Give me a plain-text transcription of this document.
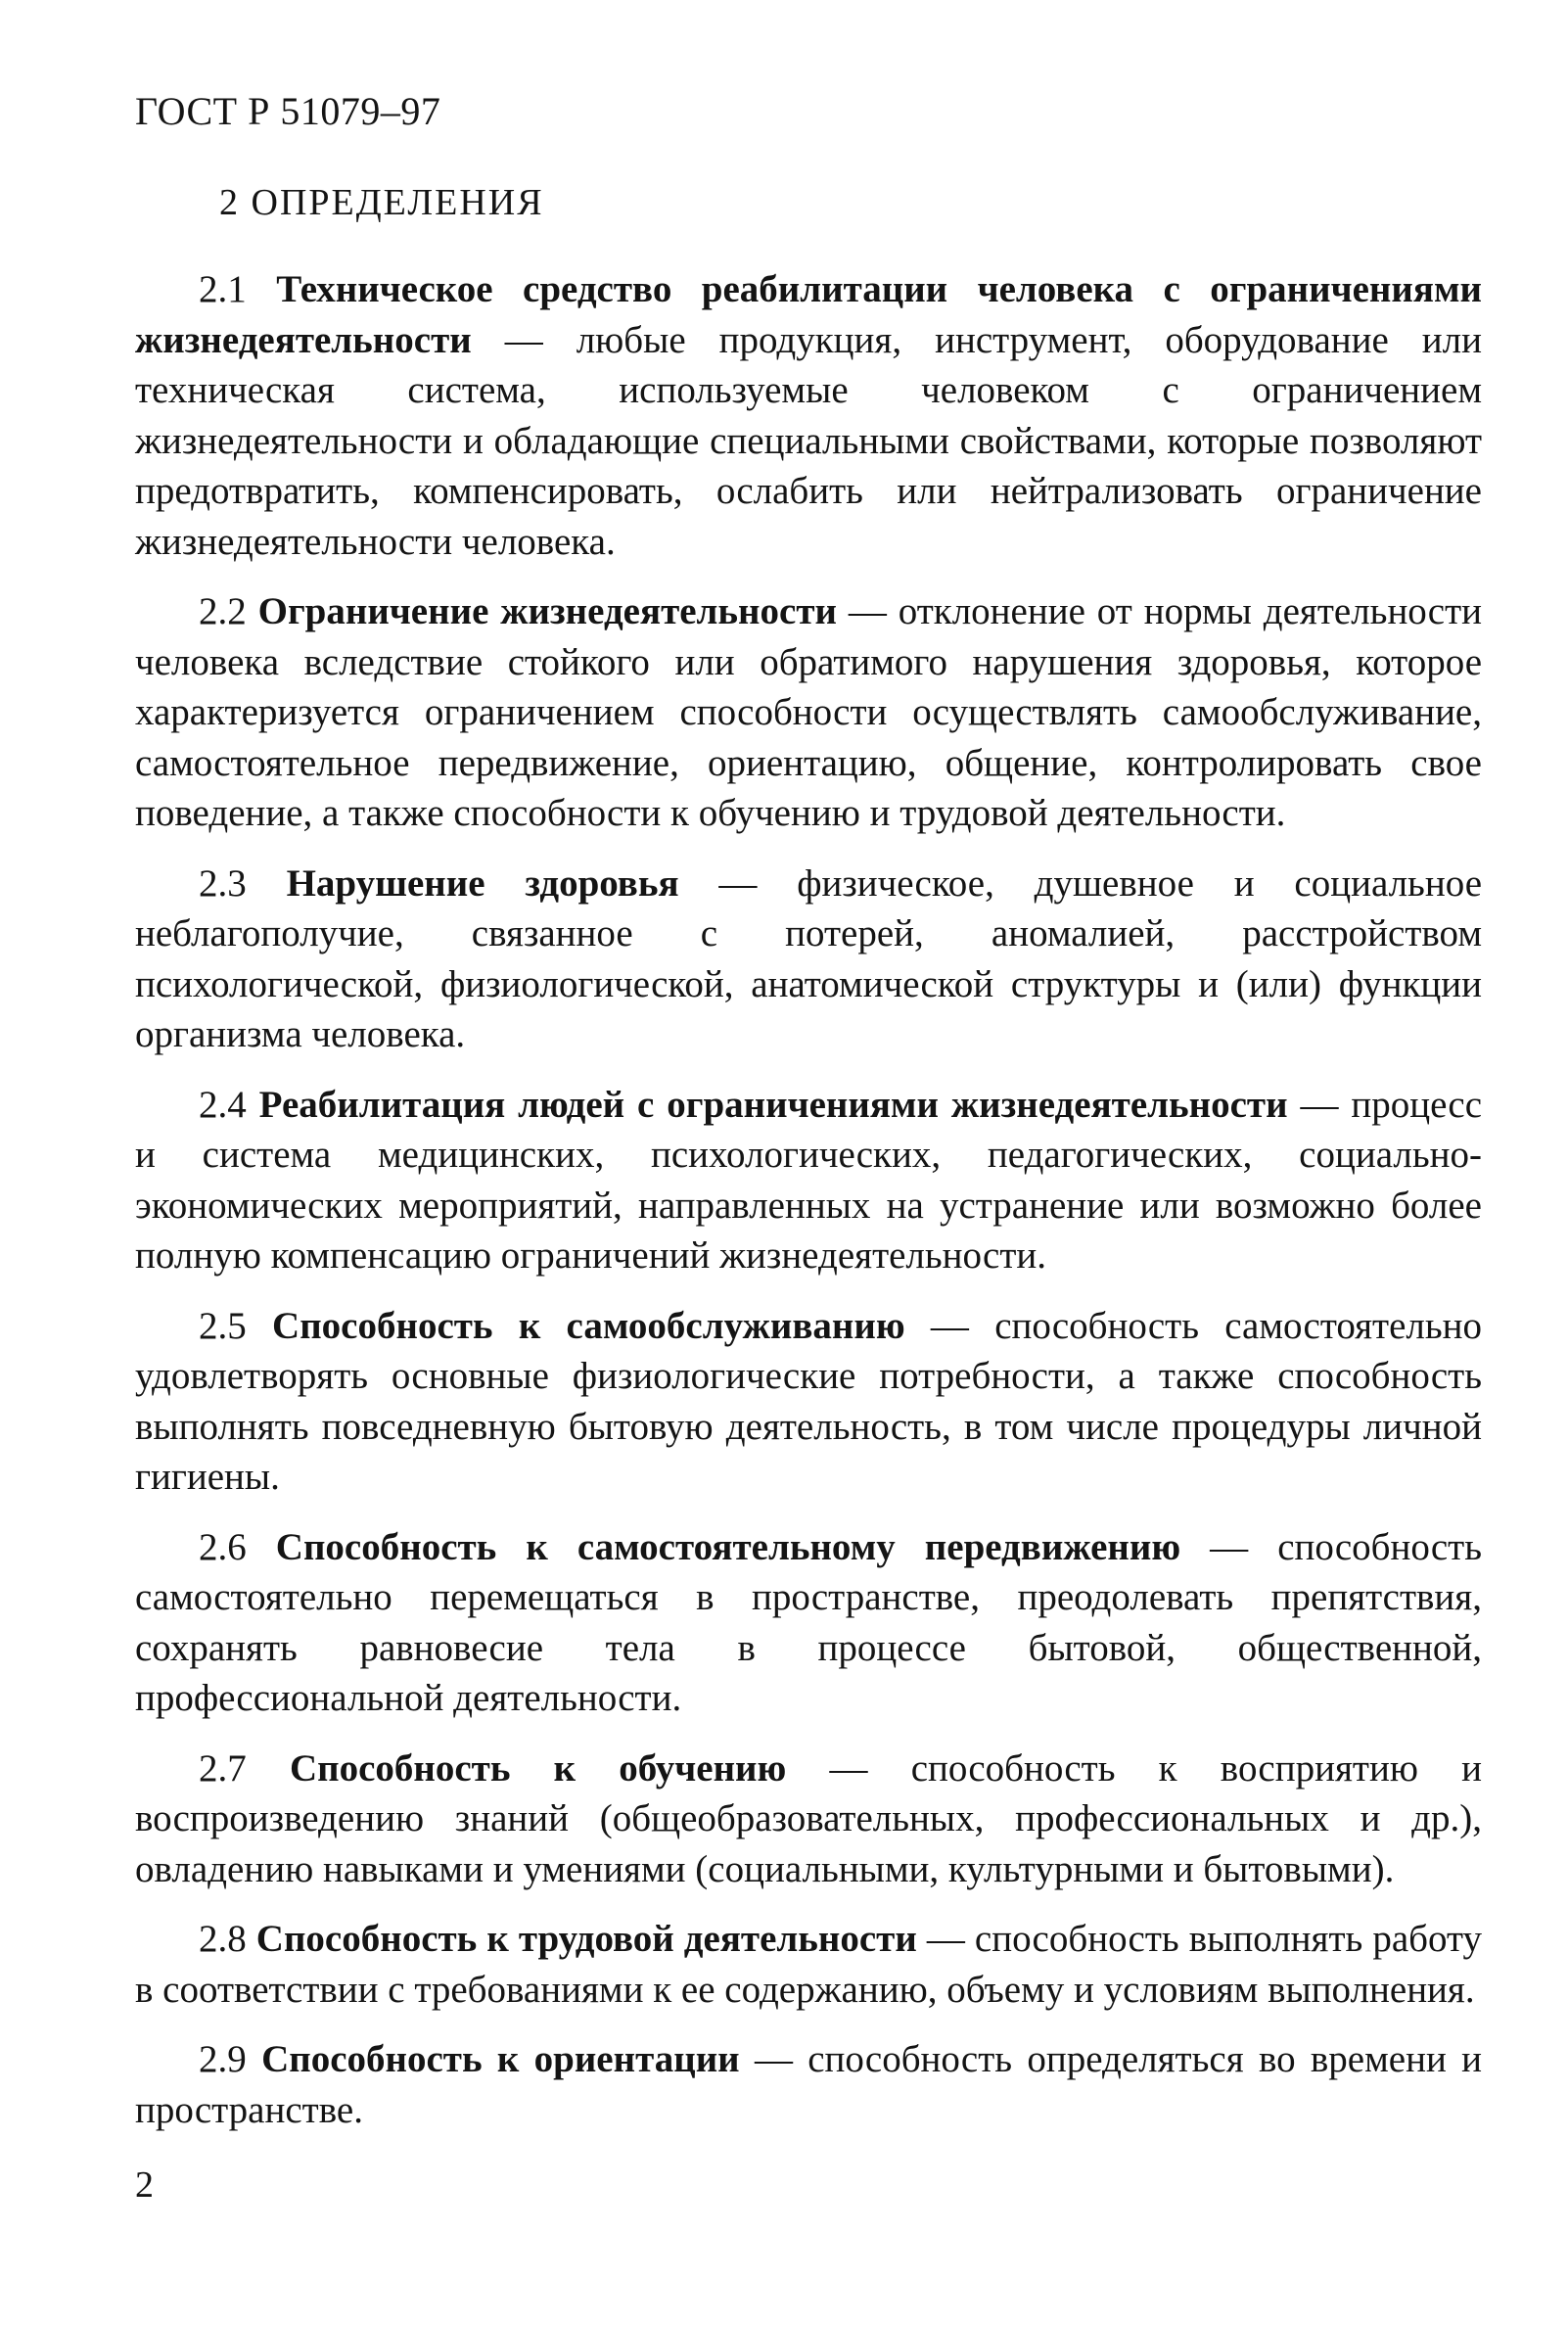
ГОСТ Р 51079–97
2 ОПРЕДЕЛЕНИЯ

2.1 Техническое средство реабилитации человека с ограничениями жизнедеятельности — любые продукция, инструмент, оборудование или техническая система, используемые человеком с ограничением жизнедеятельности и обладающие специальными свойствами, которые позволяют предотвратить, компенсировать, ослабить или нейтрализовать ограничение жизнедеятельности человека.

2.2 Ограничение жизнедеятельности — отклонение от нормы деятельности человека вследствие стойкого или обратимого нарушения здоровья, которое характеризуется ограничением способности осуществлять самообслуживание, самостоятельное передвижение, ориентацию, общение, контролировать свое поведение, а также способности к обучению и трудовой деятельности.

2.3 Нарушение здоровья — физическое, душевное и социальное неблагополучие, связанное с потерей, аномалией, расстройством психологической, физиологической, анатомической структуры и (или) функции организма человека.

2.4 Реабилитация людей с ограничениями жизнедеятельности — процесс и система медицинских, психологических, педагогических, социально-экономических мероприятий, направленных на устранение или возможно более полную компенсацию ограничений жизнедеятельности.

2.5 Способность к самообслуживанию — способность самостоятельно удовлетворять основные физиологические потребности, а также способность выполнять повседневную бытовую деятельность, в том числе процедуры личной гигиены.

2.6 Способность к самостоятельному передвижению — способность самостоятельно перемещаться в пространстве, преодолевать препятствия, сохранять равновесие тела в процессе бытовой, общественной, профессиональной деятельности.

2.7 Способность к обучению — способность к восприятию и воспроизведению знаний (общеобразовательных, профессиональных и др.), овладению навыками и умениями (социальными, культурными и бытовыми).

2.8 Способность к трудовой деятельности — способность выполнять работу в соответствии с требованиями к ее содержанию, объему и условиям выполнения.

2.9 Способность к ориентации — способность определяться во времени и пространстве.

2
